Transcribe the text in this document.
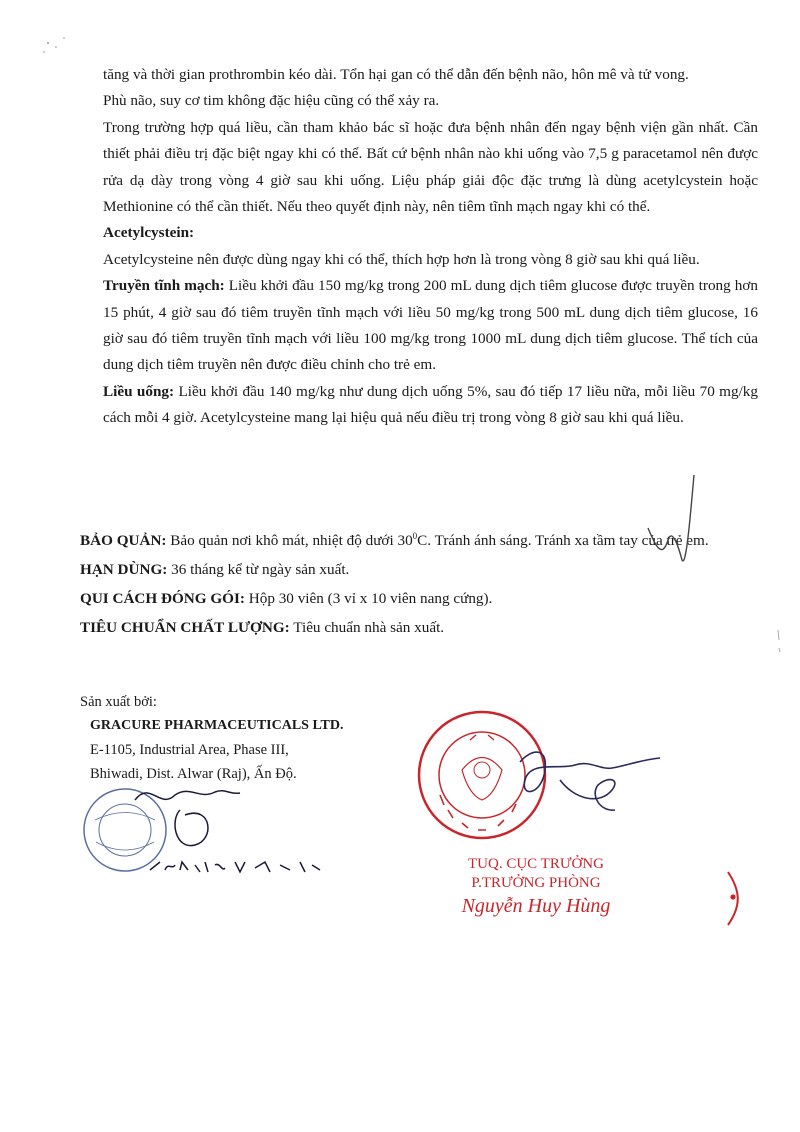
tăng và thời gian prothrombin kéo dài. Tổn hại gan có thể dẫn đến bệnh não, hôn mê và tử vong.

Phù não, suy cơ tim không đặc hiệu cũng có thể xảy ra.

Trong trường hợp quá liều, cần tham khảo bác sĩ hoặc đưa bệnh nhân đến ngay bệnh viện gần nhất. Cần thiết phải điều trị đặc biệt ngay khi có thể. Bất cứ bệnh nhân nào khi uống vào 7,5 g paracetamol nên được rửa dạ dày trong vòng 4 giờ sau khi uống. Liệu pháp giải độc đặc trưng là dùng acetylcystein hoặc Methionine có thể cần thiết. Nếu theo quyết định này, nên tiêm tĩnh mạch ngay khi có thể.

Acetylcystein:

Acetylcysteine nên được dùng ngay khi có thể, thích hợp hơn là trong vòng 8 giờ sau khi quá liều.

Truyền tĩnh mạch: Liều khởi đầu 150 mg/kg trong 200 mL dung dịch tiêm glucose được truyền trong hơn 15 phút, 4 giờ sau đó tiêm truyền tĩnh mạch với liều 50 mg/kg trong 500 mL dung dịch tiêm glucose, 16 giờ sau đó tiêm truyền tĩnh mạch với liều 100 mg/kg trong 1000 mL dung dịch tiêm glucose. Thể tích của dung dịch tiêm truyền nên được điều chỉnh cho trẻ em.

Liều uống: Liều khởi đầu 140 mg/kg như dung dịch uống 5%, sau đó tiếp 17 liều nữa, mỗi liều 70 mg/kg cách mỗi 4 giờ. Acetylcysteine mang lại hiệu quả nếu điều trị trong vòng 8 giờ sau khi quá liều.

BẢO QUẢN: Bảo quản nơi khô mát, nhiệt độ dưới $30^0C$. Tránh ánh sáng. Tránh xa tầm tay của trẻ em.

HẠN DÙNG: 36 tháng kể từ ngày sản xuất.

QUI CÁCH ĐÓNG GÓI: Hộp 30 viên (3 vỉ x 10 viên nang cứng).

TIÊU CHUẨN CHẤT LƯỢNG: Tiêu chuẩn nhà sản xuất.

Sản xuất bởi:
GRACURE PHARMACEUTICALS LTD.
E-1105, Industrial Area, Phase III,
Bhiwadi, Dist. Alwar (Raj), Ấn Độ.
TUQ. CỤC TRƯỞNG
P.TRƯỞNG PHÒNG
Nguyễn Huy Hùng
